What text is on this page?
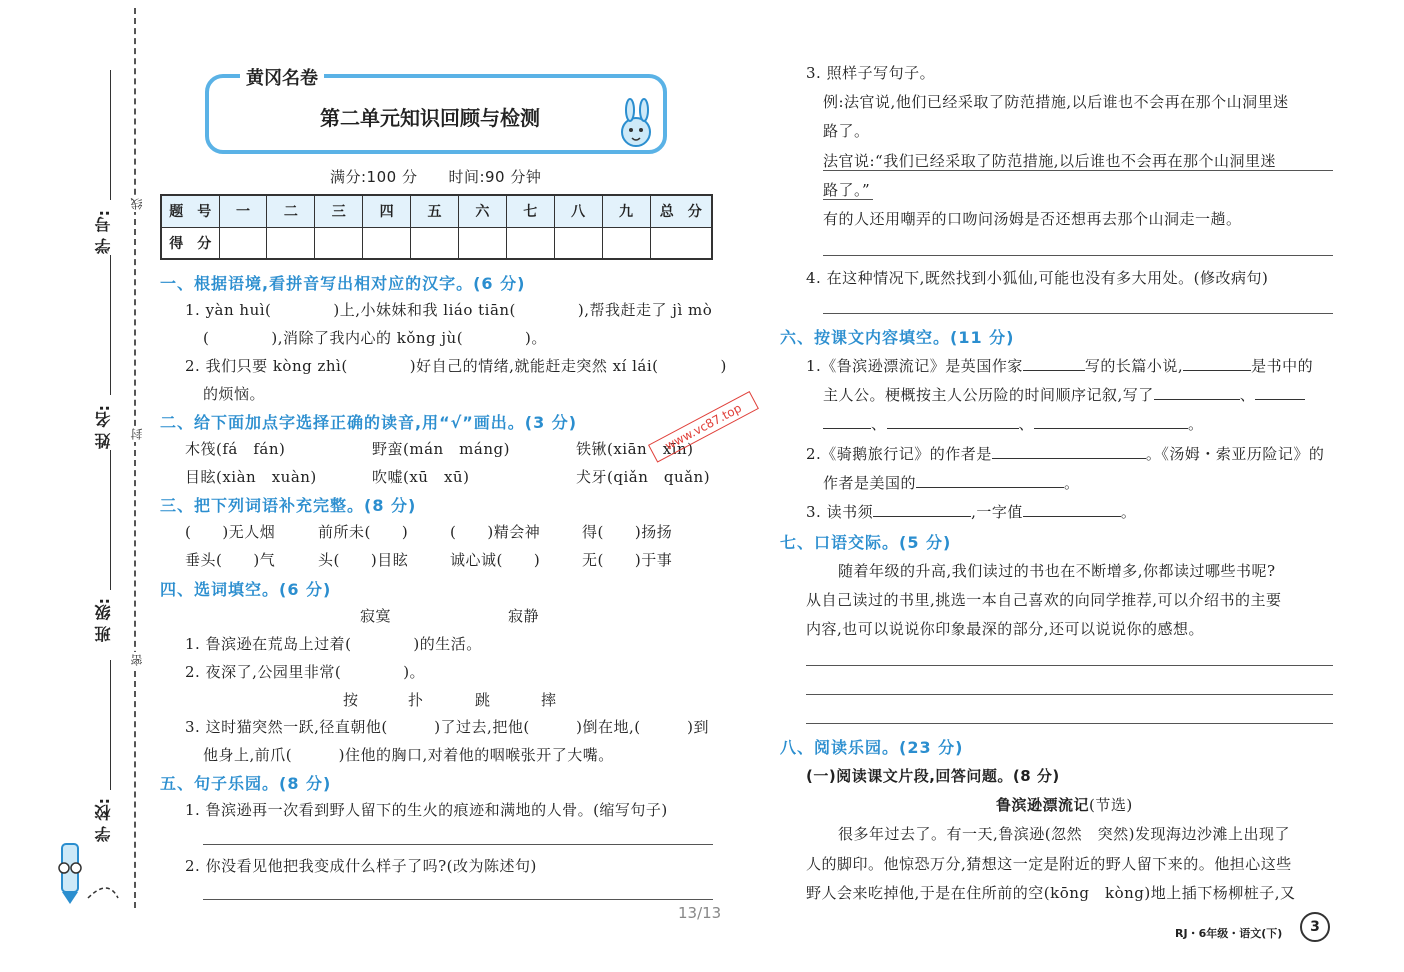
学 号:
姓 名:
班 级:
学 校:
线
封
密
黄冈名卷
第二单元知识回顾与检测
满分:100 分　　时间:90 分钟
题　号	一	二	三	四	五	六	七	八	九	总　分
得　分										
一、根据语境,看拼音写出相对应的汉字。(6 分)
1. yàn huì(　　　　)上,小妹妹和我 liáo tiān(　　　　),帮我赶走了 jì mò
(　　　　),消除了我内心的 kǒng jù(　　　　)。
2. 我们只要 kòng zhì(　　　　)好自己的情绪,就能赶走突然 xí lái(　　　　)
的烦恼。
二、给下面加点字选择正确的读音,用“√”画出。(3 分)
木筏(fá　fán)	野蛮(mán　máng)	铁锹(xiān　xīn)
目眩(xiàn　xuàn)	吹嘘(xū　xū)	犬牙(qiǎn　quǎn)
三、把下列词语补充完整。(8 分)
(　　)无人烟	前所未(　　)	(　　)精会神	得(　　)扬扬
垂头(　　)气	头(　　)目眩	诚心诚(　　)	无(　　)于事
四、选词填空。(6 分)
寂寞	寂静
1. 鲁滨逊在荒岛上过着(　　　　)的生活。
2. 夜深了,公园里非常(　　　　)。
按	扑	跳	摔
3. 这时猫突然一跃,径直朝他(　　　)了过去,把他(　　　)倒在地,(　　　)到
他身上,前爪(　　　)住他的胸口,对着他的咽喉张开了大嘴。
五、句子乐园。(8 分)
1. 鲁滨逊再一次看到野人留下的生火的痕迹和满地的人骨。(缩写句子)
2. 你没看见他把我变成什么样子了吗?(改为陈述句)
www.vc87.top
13/13
3. 照样子写句子。
例:法官说,他们已经采取了防范措施,以后谁也不会再在那个山洞里迷
路了。
法官说:“我们已经采取了防范措施,以后谁也不会再在那个山洞里迷
路了。”
有的人还用嘲弄的口吻问汤姆是否还想再去那个山洞走一趟。
4. 在这种情况下,既然找到小狐仙,可能也没有多大用处。(修改病句)
六、按课文内容填空。(11 分)
1.《鲁滨逊漂流记》是英国作家	写的长篇小说,	是书中的
主人公。梗概按主人公历险的时间顺序记叙,写了	、
、	、	。
2.《骑鹅旅行记》的作者是	。《汤姆・索亚历险记》的
作者是美国的	。
3. 读书须	,一字值	。
七、口语交际。(5 分)
随着年级的升高,我们读过的书也在不断增多,你都读过哪些书呢?
从自己读过的书里,挑选一本自己喜欢的向同学推荐,可以介绍书的主要
内容,也可以说说你印象最深的部分,还可以说说你的感想。
八、阅读乐园。(23 分)
(一)阅读课文片段,回答问题。(8 分)
鲁滨逊漂流记(节选)
很多年过去了。有一天,鲁滨逊(忽然　突然)发现海边沙滩上出现了
人的脚印。他惊恐万分,猜想这一定是附近的野人留下来的。他担心这些
野人会来吃掉他,于是在住所前的空(kōng　kòng)地上插下杨柳桩子,又
RJ・6年级・语文(下)	3
